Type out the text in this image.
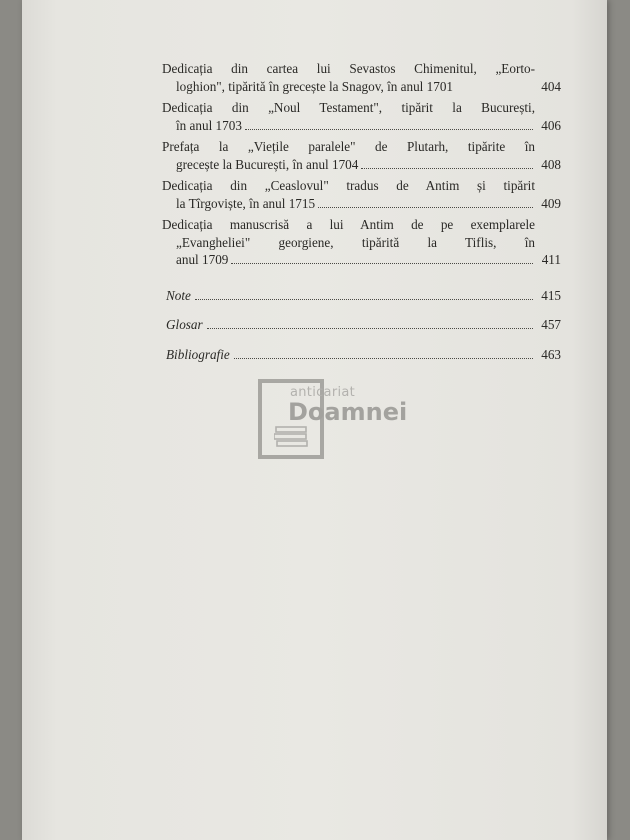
Dedicația din cartea lui Sevastos Chimenitul, „Eorto-
loghion", tipărită în grecește la Snagov, în anul 1701	404
Dedicația din „Noul Testament", tipărit la București,
în anul 1703	406
Prefața la „Viețile paralele" de Plutarh, tipărite în
grecește la București, în anul 1704	408
Dedicația din „Ceaslovul" tradus de Antim și tipărit
la Tîrgoviște, în anul 1715	409
Dedicația manuscrisă a lui Antim de pe exemplarele
„Evangheliei" georgiene, tipărită la Tiflis, în
anul 1709	411
Note	415
Glosar	457
Bibliografie	463
anticariat
Doamnei
